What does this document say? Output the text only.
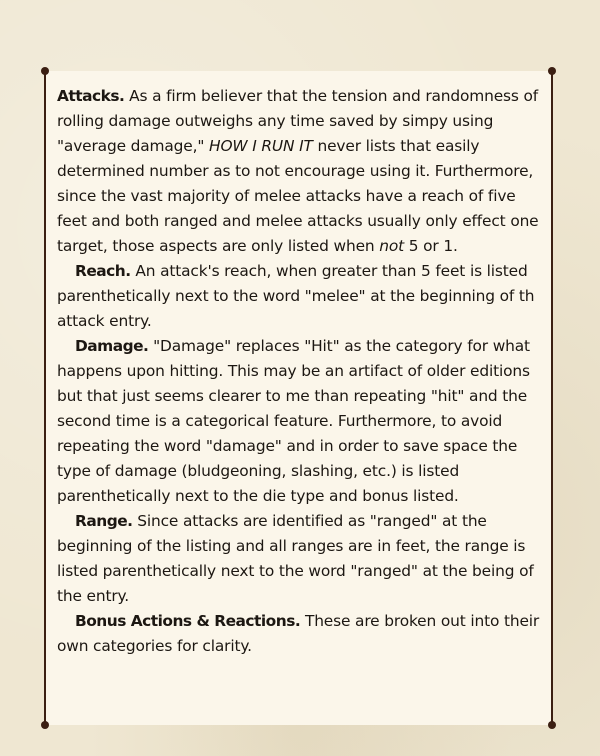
Attacks. As a firm believer that the tension and randomness of rolling damage outweighs any time saved by simpy using "average damage," HOW I RUN IT never lists that easily determined number as to not encourage using it. Furthermore, since the vast majority of melee attacks have a reach of five feet and both ranged and melee attacks usually only effect one target, those aspects are only listed when not 5 or 1.

Reach. An attack's reach, when greater than 5 feet is listed parenthetically next to the word "melee" at the beginning of th attack entry.

Damage. "Damage" replaces "Hit" as the category for what happens upon hitting. This may be an artifact of older editions but that just seems clearer to me than repeating "hit" and the second time is a categorical feature. Furthermore, to avoid repeating the word "damage" and in order to save space the type of damage (bludgeoning, slashing, etc.) is listed parenthetically next to the die type and bonus listed.

Range. Since attacks are identified as "ranged" at the beginning of the listing and all ranges are in feet, the range is listed parenthetically next to the word "ranged" at the being of the entry.

Bonus Actions & Reactions. These are broken out into their own categories for clarity.
